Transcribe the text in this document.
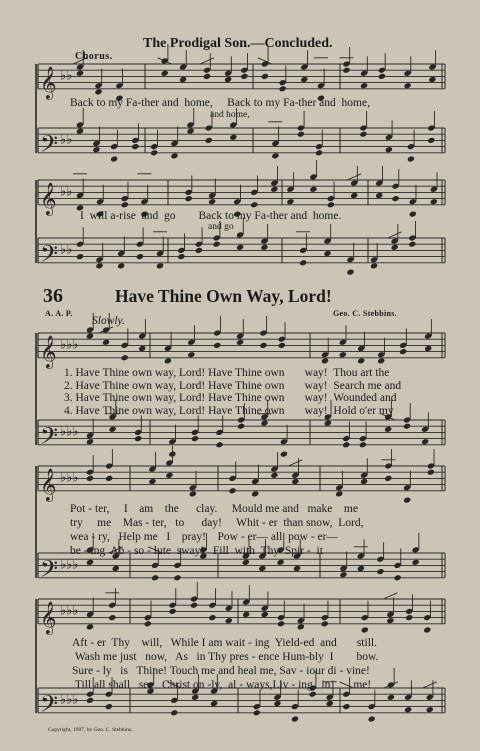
𝄞 ♭♭
𝄢 ♭♭
𝄞 ♭♭
𝄢 ♭♭
𝄞 ♭♭♭
𝄢 ♭♭♭
𝄞 ♭♭♭
𝄢 ♭♭♭
𝄞 ♭♭♭
𝄢 ♭♭♭
The Prodigal Son.—Concluded.
Chorus.
Back to my Fa-ther and home, Back to my Fa-ther and home,
and home,
I will a-rise and go Back to my Fa-ther and home.
and go
36	Have Thine Own Way, Lord!
A. A. P.	Geo. C. Stebbins.
Slowly.
1. Have Thine own way, Lord! Have Thine own way! Thou art the
2. Have Thine own way, Lord! Have Thine own way! Search me and
3. Have Thine own way, Lord! Have Thine own way! Wounded and
4. Have Thine own way, Lord! Have Thine own way! Hold o'er my
Pot - ter, I am the clay. Mould me and make me
try me Mas - ter, to day! Whit - er than snow, Lord,
wea - ry, Help me I pray! Pow - er— all pow - er—
be - ing Ab - so - lute sway! Fill with Thy Spir - it
Aft - er Thy will, While I am wait - ing Yield-ed and still.
Wash me just now, As in Thy pres - ence Hum-bly I bow.
Sure - ly is Thine! Touch me and heal me, Sav - iour di - vine!
Till all shall see Christ on -ly, al - ways,Liv - ing in me!
Copyright, 1907, by Geo. C. Stebbins.
